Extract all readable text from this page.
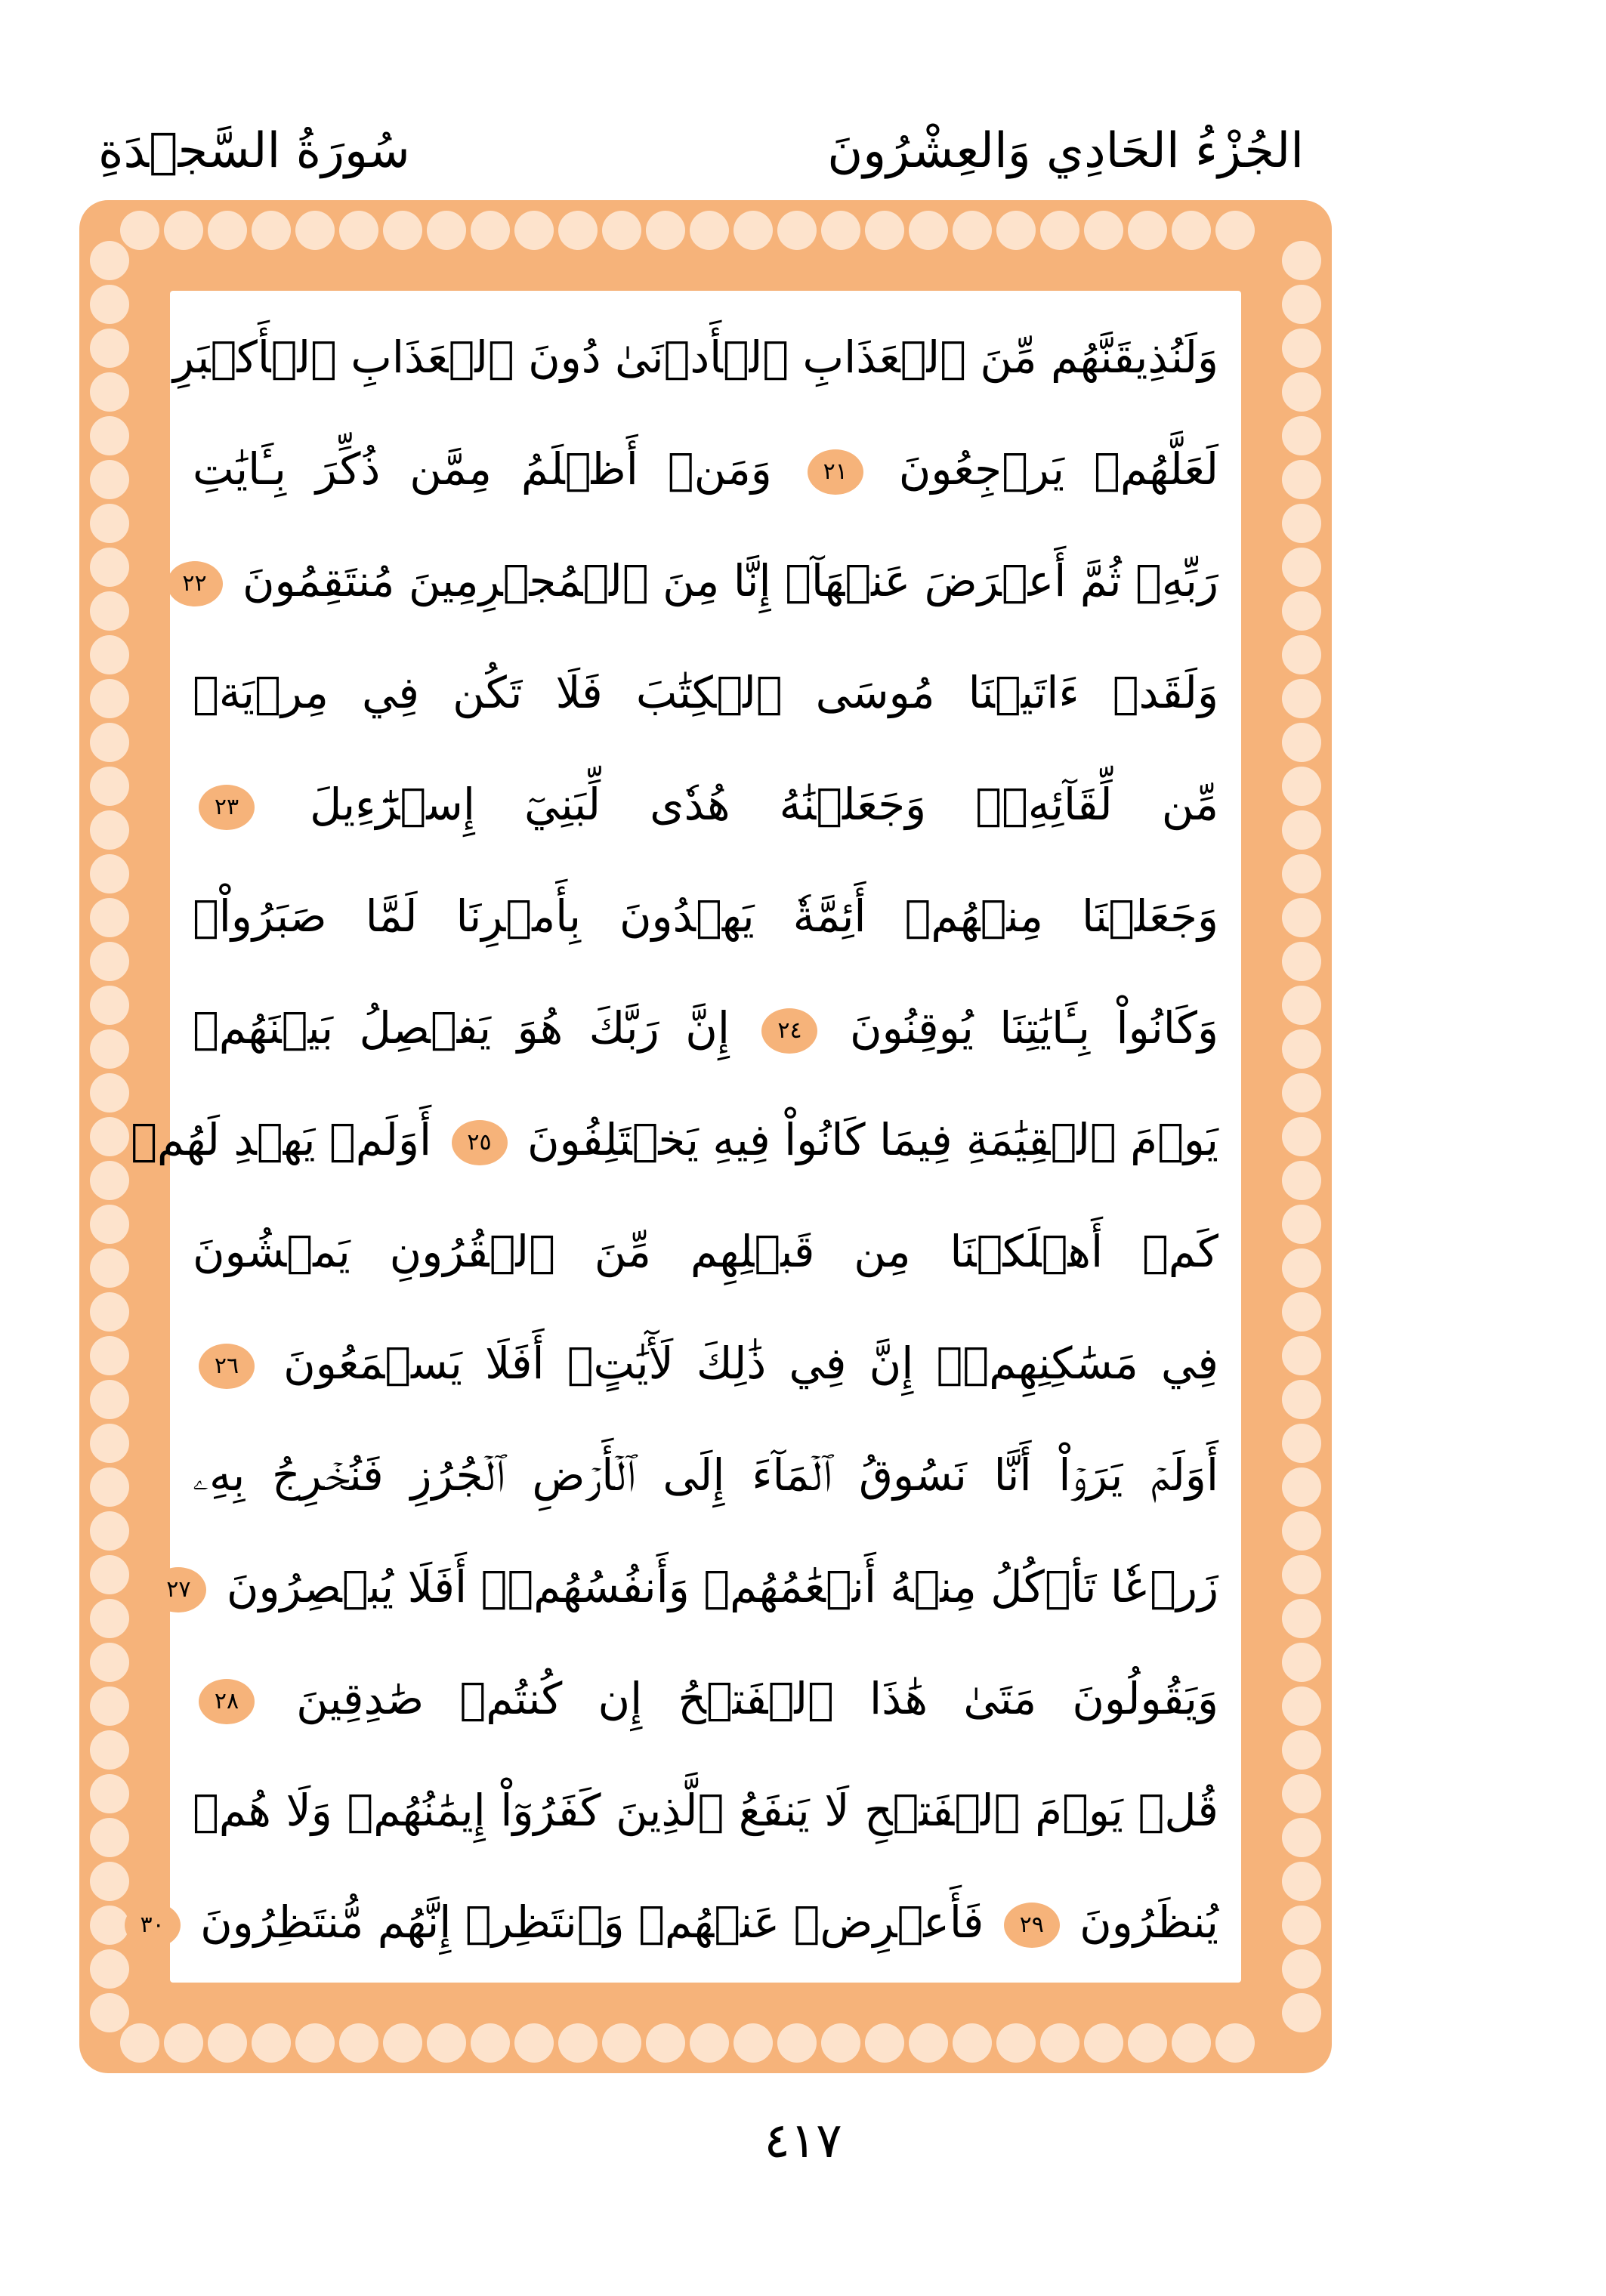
الجُزْءُ الحَادِي وَالعِشْرُونَ
سُورَةُ السَّجۡدَةِ
وَلَنُذِيقَنَّهُم مِّنَ ٱلۡعَذَابِ ٱلۡأَدۡنَىٰ دُونَ ٱلۡعَذَابِ ٱلۡأَكۡبَرِ
لَعَلَّهُمۡ يَرۡجِعُونَ ٢١ وَمَنۡ أَظۡلَمُ مِمَّن ذُكِّرَ بِـَٔايَٰتِ
رَبِّهِۦ ثُمَّ أَعۡرَضَ عَنۡهَآۚ إِنَّا مِنَ ٱلۡمُجۡرِمِينَ مُنتَقِمُونَ ٢٢
وَلَقَدۡ ءَاتَيۡنَا مُوسَى ٱلۡكِتَٰبَ فَلَا تَكُن فِي مِرۡيَةٖ
مِّن لِّقَآئِهِۦۖ وَجَعَلۡنَٰهُ هُدٗى لِّبَنِيٓ إِسۡرَٰٓءِيلَ ٢٣
وَجَعَلۡنَا مِنۡهُمۡ أَئِمَّةٗ يَهۡدُونَ بِأَمۡرِنَا لَمَّا صَبَرُواْۖ
وَكَانُواْ بِـَٔايَٰتِنَا يُوقِنُونَ ٢٤ إِنَّ رَبَّكَ هُوَ يَفۡصِلُ بَيۡنَهُمۡ
يَوۡمَ ٱلۡقِيَٰمَةِ فِيمَا كَانُواْ فِيهِ يَخۡتَلِفُونَ ٢٥ أَوَلَمۡ يَهۡدِ لَهُمۡ
كَمۡ أَهۡلَكۡنَا مِن قَبۡلِهِم مِّنَ ٱلۡقُرُونِ يَمۡشُونَ
فِي مَسَٰكِنِهِمۡۚ إِنَّ فِي ذَٰلِكَ لَأٓيَٰتٍۚ أَفَلَا يَسۡمَعُونَ ٢٦
أَوَلَمۡ يَرَوۡاْ أَنَّا نَسُوقُ ٱلۡمَآءَ إِلَى ٱلۡأَرۡضِ ٱلۡجُرُزِ فَنُخۡرِجُ بِهِۦ
زَرۡعٗا تَأۡكُلُ مِنۡهُ أَنۡعَٰمُهُمۡ وَأَنفُسُهُمۡۚ أَفَلَا يُبۡصِرُونَ ٢٧
وَيَقُولُونَ مَتَىٰ هَٰذَا ٱلۡفَتۡحُ إِن كُنتُمۡ صَٰدِقِينَ ٢٨
قُلۡ يَوۡمَ ٱلۡفَتۡحِ لَا يَنفَعُ ٱلَّذِينَ كَفَرُوٓاْ إِيمَٰنُهُمۡ وَلَا هُمۡ
يُنظَرُونَ ٢٩ فَأَعۡرِضۡ عَنۡهُمۡ وَٱنتَظِرۡ إِنَّهُم مُّنتَظِرُونَ ٣٠
٤١٧
